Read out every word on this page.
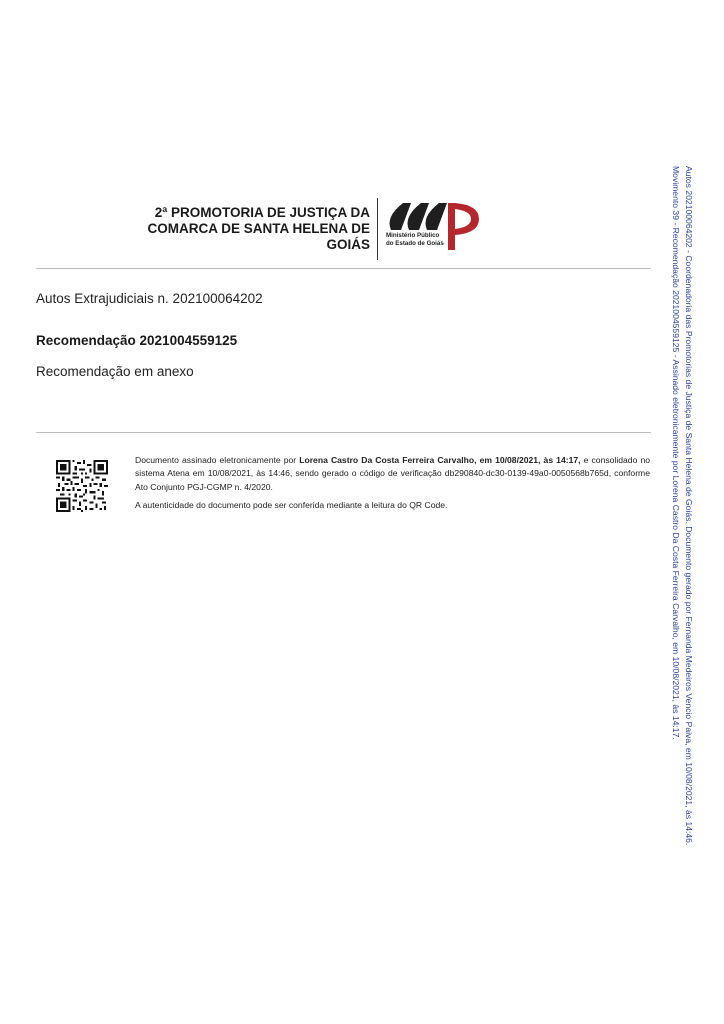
2ª PROMOTORIA DE JUSTIÇA DA
COMARCA DE SANTA HELENA DE
GOIÁS
Ministério Público
do Estado de Goiás
Autos Extrajudiciais n. 202100064202
Recomendação 2021004559125
Recomendação em anexo

Documento assinado eletronicamente por Lorena Castro Da Costa Ferreira Carvalho, em 10/08/2021, às 14:17, e consolidado no sistema Atena em 10/08/2021, às 14:46, sendo gerado o código de verificação db290840-dc30-0139-49a0-0050568b765d, conforme Ato Conjunto PGJ-CGMP n. 4/2020.

A autenticidade do documento pode ser conferida mediante a leitura do QR Code.	Autos 202100064202 - Coordenadoria das Promotorias de Justiça de Santa Helena de Goiás. Documento gerado por Fernanda Medeiros Vencio Paiva, em 10/08/2021, às 14:46.
Movimento 39 - Recomendação 2021004559125 - Assinado eletronicamente por Lorena Castro Da Costa Ferreira Carvalho, em 10/08/2021, às 14:17.
